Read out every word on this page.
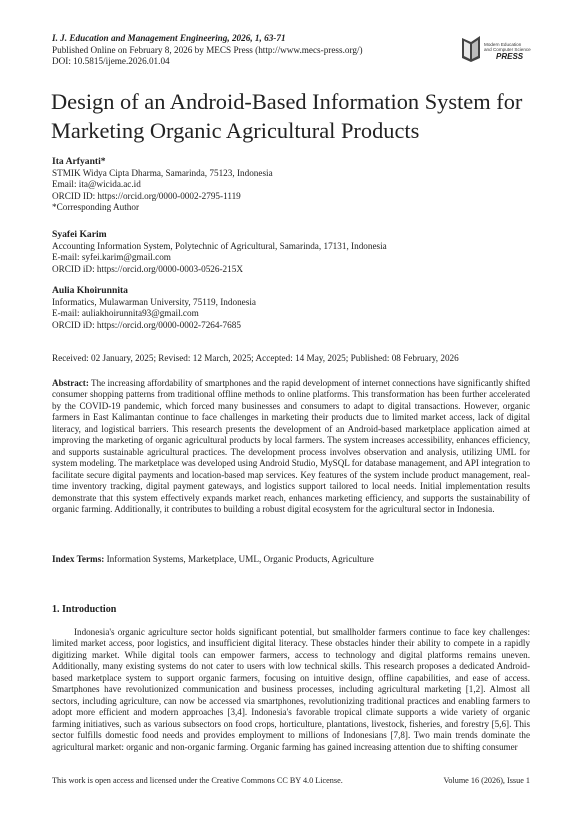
I. J. Education and Management Engineering, 2026, 1, 63-71
Published Online on February 8, 2026 by MECS Press (http://www.mecs-press.org/)
DOI: 10.5815/ijeme.2026.01.04
Modern Education
and Computer Science
PRESS
Design of an Android-Based Information System for Marketing Organic Agricultural Products
Ita Arfyanti*
STMIK Widya Cipta Dharma, Samarinda, 75123, Indonesia
Email: ita@wicida.ac.id
ORCID ID: https://orcid.org/0000-0002-2795-1119
*Corresponding Author
Syafei Karim
Accounting Information System, Polytechnic of Agricultural, Samarinda, 17131, Indonesia
E-mail: syfei.karim@gmail.com
ORCID iD: https://orcid.org/0000-0003-0526-215X
Aulia Khoirunnita
Informatics, Mulawarman University, 75119, Indonesia
E-mail: auliakhoirunnita93@gmail.com
ORCID iD: https://orcid.org/0000-0002-7264-7685
Received: 02 January, 2025; Revised: 12 March, 2025; Accepted: 14 May, 2025; Published: 08 February, 2026

Abstract: The increasing affordability of smartphones and the rapid development of internet connections have significantly shifted consumer shopping patterns from traditional offline methods to online platforms. This transformation has been further accelerated by the COVID-19 pandemic, which forced many businesses and consumers to adapt to digital transactions. However, organic farmers in East Kalimantan continue to face challenges in marketing their products due to limited market access, lack of digital literacy, and logistical barriers. This research presents the development of an Android-based marketplace application aimed at improving the marketing of organic agricultural products by local farmers. The system increases accessibility, enhances efficiency, and supports sustainable agricultural practices. The development process involves observation and analysis, utilizing UML for system modeling. The marketplace was developed using Android Studio, MySQL for database management, and API integration to facilitate secure digital payments and location-based map services. Key features of the system include product management, real-time inventory tracking, digital payment gateways, and logistics support tailored to local needs. Initial implementation results demonstrate that this system effectively expands market reach, enhances marketing efficiency, and supports the sustainability of organic farming. Additionally, it contributes to building a robust digital ecosystem for the agricultural sector in Indonesia.

Index Terms: Information Systems, Marketplace, UML, Organic Products, Agriculture
1. Introduction

Indonesia's organic agriculture sector holds significant potential, but smallholder farmers continue to face key challenges: limited market access, poor logistics, and insufficient digital literacy. These obstacles hinder their ability to compete in a rapidly digitizing market. While digital tools can empower farmers, access to technology and digital platforms remains uneven. Additionally, many existing systems do not cater to users with low technical skills. This research proposes a dedicated Android-based marketplace system to support organic farmers, focusing on intuitive design, offline capabilities, and ease of access. Smartphones have revolutionized communication and business processes, including agricultural marketing [1,2]. Almost all sectors, including agriculture, can now be accessed via smartphones, revolutionizing traditional practices and enabling farmers to adopt more efficient and modern approaches [3,4]. Indonesia's favorable tropical climate supports a wide variety of organic farming initiatives, such as various subsectors on food crops, horticulture, plantations, livestock, fisheries, and forestry [5,6]. This sector fulfills domestic food needs and provides employment to millions of Indonesians [7,8]. Two main trends dominate the agricultural market: organic and non-organic farming. Organic farming has gained increasing attention due to shifting consumer

This work is open access and licensed under the Creative Commons CC BY 4.0 License.	Volume 16 (2026), Issue 1
